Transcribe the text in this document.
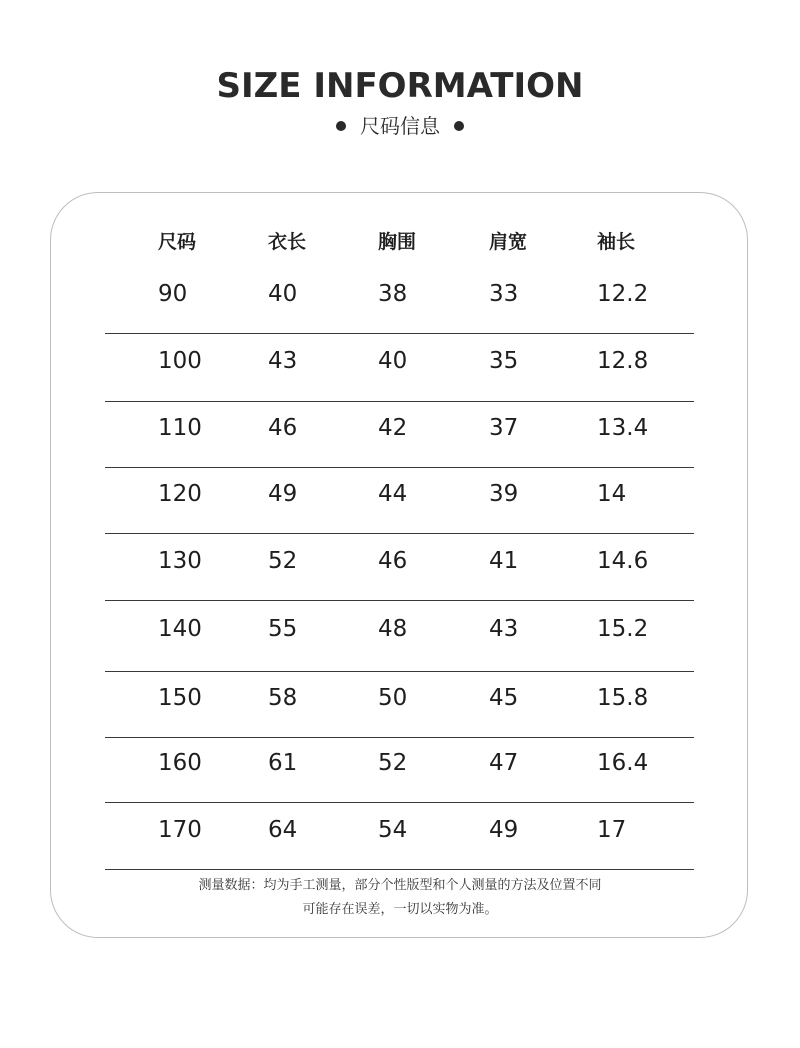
SIZE INFORMATION
尺码信息
尺码	衣长	胸围	肩宽	袖长
90	40	38	33	12.2
100	43	40	35	12.8
110	46	42	37	13.4
120	49	44	39	14
130	52	46	41	14.6
140	55	48	43	15.2
150	58	50	45	15.8
160	61	52	47	16.4
170	64	54	49	17
测量数据：均为手工测量，部分个性版型和个人测量的方法及位置不同
可能存在误差，一切以实物为准。
